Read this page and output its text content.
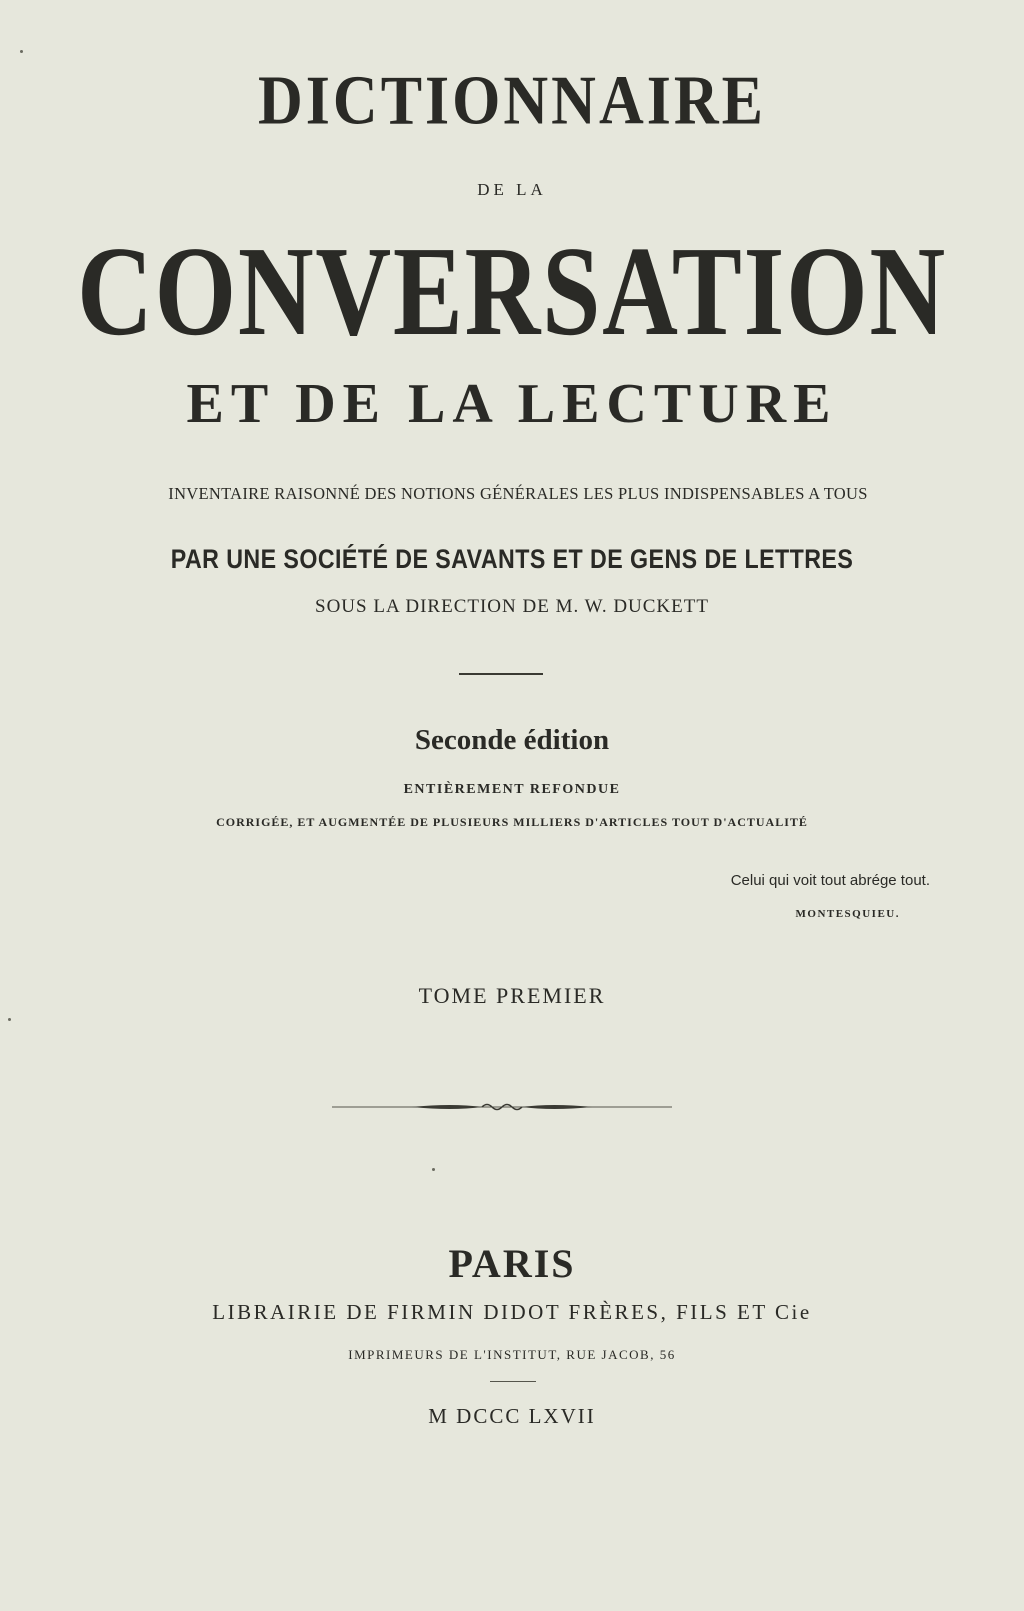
DICTIONNAIRE
DE LA
CONVERSATION
ET DE LA LECTURE
INVENTAIRE RAISONNÉ DES NOTIONS GÉNÉRALES LES PLUS INDISPENSABLES A TOUS
PAR UNE SOCIÉTÉ DE SAVANTS ET DE GENS DE LETTRES
SOUS LA DIRECTION DE M. W. DUCKETT
Seconde édition
ENTIÈREMENT REFONDUE
CORRIGÉE, ET AUGMENTÉE DE PLUSIEURS MILLIERS D'ARTICLES TOUT D'ACTUALITÉ
Celui qui voit tout abrége tout.
MONTESQUIEU.
TOME PREMIER
PARIS
LIBRAIRIE DE FIRMIN DIDOT FRÈRES, FILS ET Cie
IMPRIMEURS DE L'INSTITUT, RUE JACOB, 56
M DCCC LXVII
